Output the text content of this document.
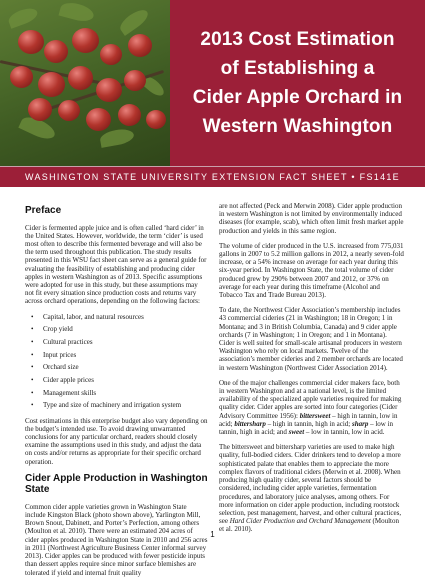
2013 Cost Estimation
of Establishing a
Cider Apple Orchard in
Western Washington
WASHINGTON STATE UNIVERSITY EXTENSION FACT SHEET • FS141E
Preface

Cider is fermented apple juice and is often called ‘hard cider’ in the United States. However, worldwide, the term ‘cider’ is used most often to describe this fermented beverage and will also be the term used throughout this publication. The study results presented in this WSU fact sheet can serve as a general guide for evaluating the feasibility of establishing and producing cider apples in western Washington as of 2013. Specific assumptions were adopted for use in this study, but these assumptions may not fit every situation since production costs and returns vary across orchard operations, depending on the following factors:

• Capital, labor, and natural resources
• Crop yield
• Cultural practices
• Input prices
• Orchard size
• Cider apple prices
• Management skills
• Type and size of machinery and irrigation system

Cost estimations in this enterprise budget also vary depending on the budget’s intended use. To avoid drawing unwarranted conclusions for any particular orchard, readers should closely examine the assumptions used in this study, and adjust the data on costs and/or returns as appropriate for their specific orchard operation.

Cider Apple Production in Washington State

Common cider apple varieties grown in Washington State include Kingston Black (photo shown above), Yarlington Mill, Brown Snout, Dabinett, and Porter’s Perfection, among others (Moulton et al. 2010). There were an estimated 204 acres of cider apples produced in Washington State in 2010 and 256 acres in 2011 (Northwest Agriculture Business Center informal survey 2013). Cider apples can be produced with fewer pesticide inputs than dessert apples require since minor surface blemishes are tolerated if yield and internal fruit quality

are not affected (Peck and Merwin 2008). Cider apple production in western Washington is not limited by environmentally induced diseases (for example, scab), which often limit fresh market apple production and yields in this same region.

The volume of cider produced in the U.S. increased from 775,031 gallons in 2007 to 5.2 million gallons in 2012, a nearly seven-fold increase, or a 54% increase on average for each year during this six-year period. In Washington State, the total volume of cider produced grew by 290% between 2007 and 2012, or 37% on average for each year during this timeframe (Alcohol and Tobacco Tax and Trade Bureau 2013).

To date, the Northwest Cider Association’s membership includes 43 commercial cideries (21 in Washington; 18 in Oregon; 1 in Montana; and 3 in British Columbia, Canada) and 9 cider apple orchards (7 in Washington; 1 in Oregon; and 1 in Montana). Cider is well suited for small-scale artisanal producers in western Washington who rely on local markets. Twelve of the association’s member cideries and 2 member orchards are located in western Washington (Northwest Cider Association 2014).

One of the major challenges commercial cider makers face, both in western Washington and at a national level, is the limited availability of the specialized apple varieties required for making quality cider. Cider apples are sorted into four categories (Cider Advisory Committee 1956): bittersweet – high in tannin, low in acid; bittersharp – high in tannin, high in acid; sharp – low in tannin, high in acid; and sweet – low in tannin, low in acid.

The bittersweet and bittersharp varieties are used to make high quality, full-bodied ciders. Cider drinkers tend to develop a more sophisticated palate that enables them to appreciate the more complex flavors of traditional ciders (Merwin et al. 2008). When producing high quality cider, several factors should be considered, including cider apple varieties, fermentation procedures, and laboratory juice analyses, among others. For more information on cider apple production, including rootstock selection, pest management, harvest, and other cultural practices, see Hard Cider Production and Orchard Management (Moulton et al. 2010).

1
